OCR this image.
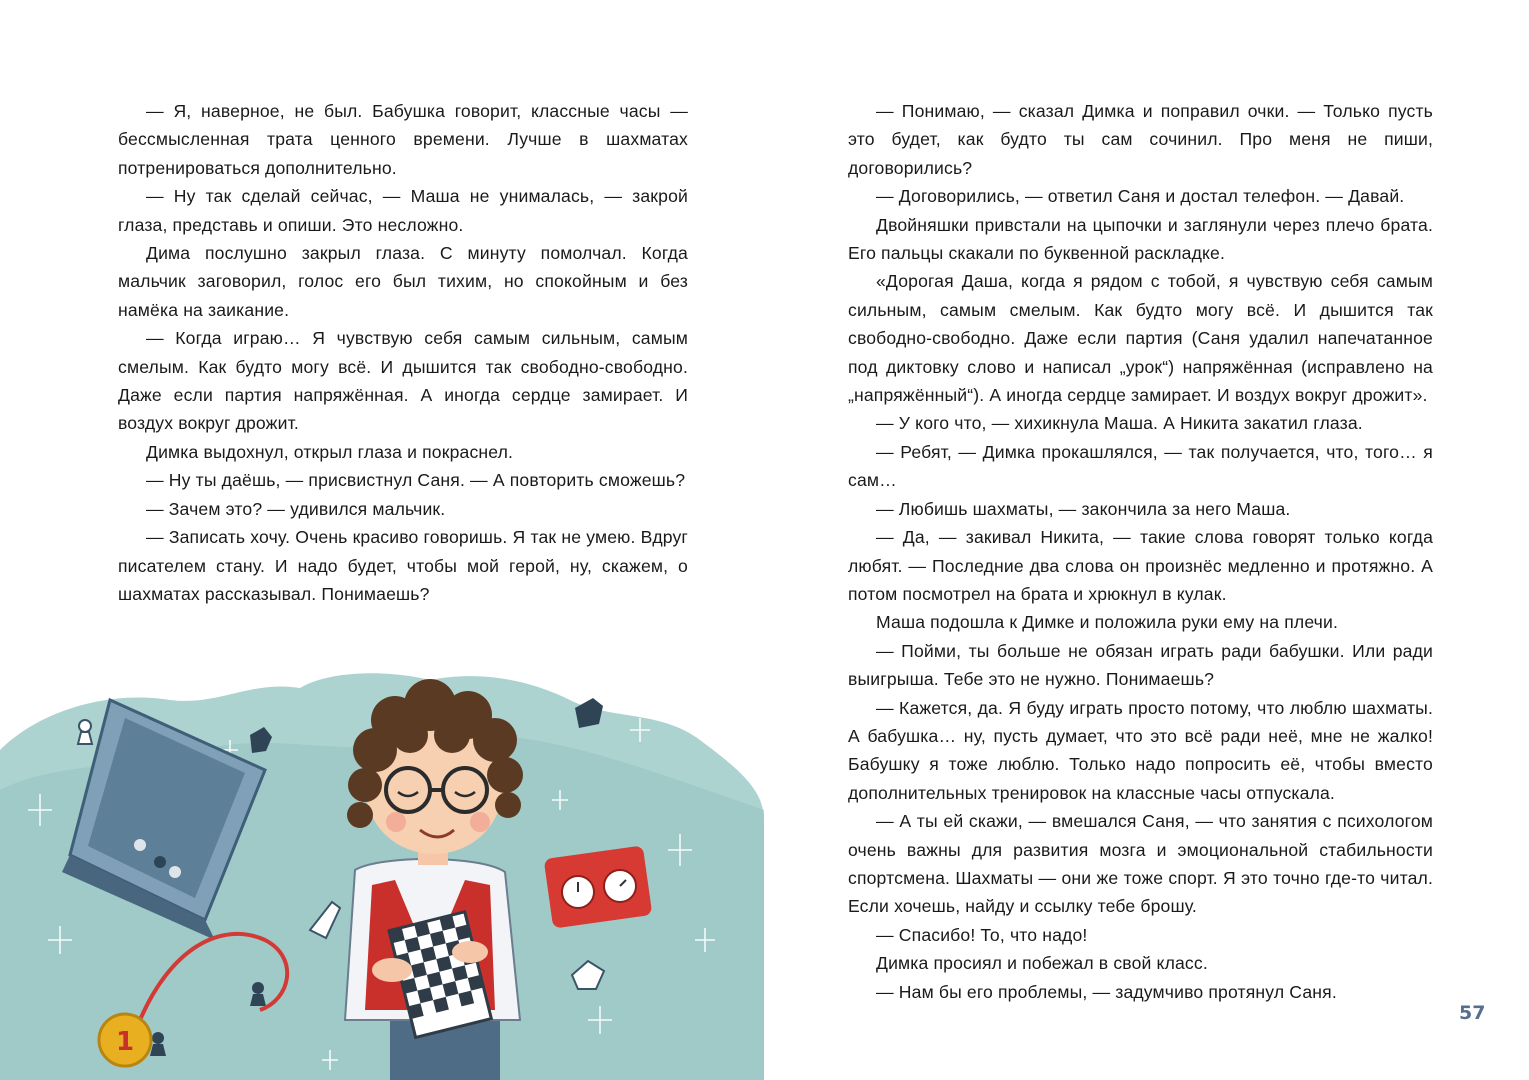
— Я, наверное, не был. Бабушка говорит, классные часы — бессмысленная трата ценного времени. Лучше в шахматах потренироваться дополнительно.

— Ну так сделай сейчас, — Маша не унималась, — закрой глаза, представь и опиши. Это несложно.

Дима послушно закрыл глаза. С минуту помолчал. Когда мальчик заговорил, голос его был тихим, но спокойным и без намёка на заикание.

— Когда играю… Я чувствую себя самым сильным, самым смелым. Как будто могу всё. И дышится так свободно-свободно. Даже если партия напряжённая. А иногда сердце замирает. И воздух вокруг дрожит.

Димка выдохнул, открыл глаза и покраснел.

— Ну ты даёшь, — присвистнул Саня. — А повторить сможешь?

— Зачем это? — удивился мальчик.

— Записать хочу. Очень красиво говоришь. Я так не умею. Вдруг писателем стану. И надо будет, чтобы мой герой, ну, скажем, о шахматах рассказывал. Понимаешь?

1

— Понимаю, — сказал Димка и поправил очки. — Только пусть это будет, как будто ты сам сочинил. Про меня не пиши, договорились?

— Договорились, — ответил Саня и достал телефон. — Давай.

Двойняшки привстали на цыпочки и заглянули через плечо брата. Его пальцы скакали по буквенной раскладке.

«Дорогая Даша, когда я рядом с тобой, я чувствую себя самым сильным, самым смелым. Как будто могу всё. И дышится так свободно-свободно. Даже если партия (Саня удалил напечатанное под диктовку слово и написал „урок“) напряжённая (исправлено на „напряжённый“). А иногда сердце замирает. И воздух вокруг дрожит».

— У кого что, — хихикнула Маша. А Никита закатил глаза.

— Ребят, — Димка прокашлялся, — так получается, что, того… я сам…

— Любишь шахматы, — закончила за него Маша.

— Да, — закивал Никита, — такие слова говорят только когда любят. — Последние два слова он произнёс медленно и протяжно. А потом посмотрел на брата и хрюкнул в кулак.

Маша подошла к Димке и положила руки ему на плечи.

— Пойми, ты больше не обязан играть ради бабушки. Или ради выигрыша. Тебе это не нужно. Понимаешь?

— Кажется, да. Я буду играть просто потому, что люблю шахматы. А бабушка… ну, пусть думает, что это всё ради неё, мне не жалко! Бабушку я тоже люблю. Только надо попросить её, чтобы вместо дополнительных тренировок на классные часы отпускала.

— А ты ей скажи, — вмешался Саня, — что занятия с психологом очень важны для развития мозга и эмоциональной стабильности спортсмена. Шахматы — они же тоже спорт. Я это точно где-то читал. Если хочешь, найду и ссылку тебе брошу.

— Спасибо! То, что надо!

Димка просиял и побежал в свой класс.

— Нам бы его проблемы, — задумчиво протянул Саня.

57
